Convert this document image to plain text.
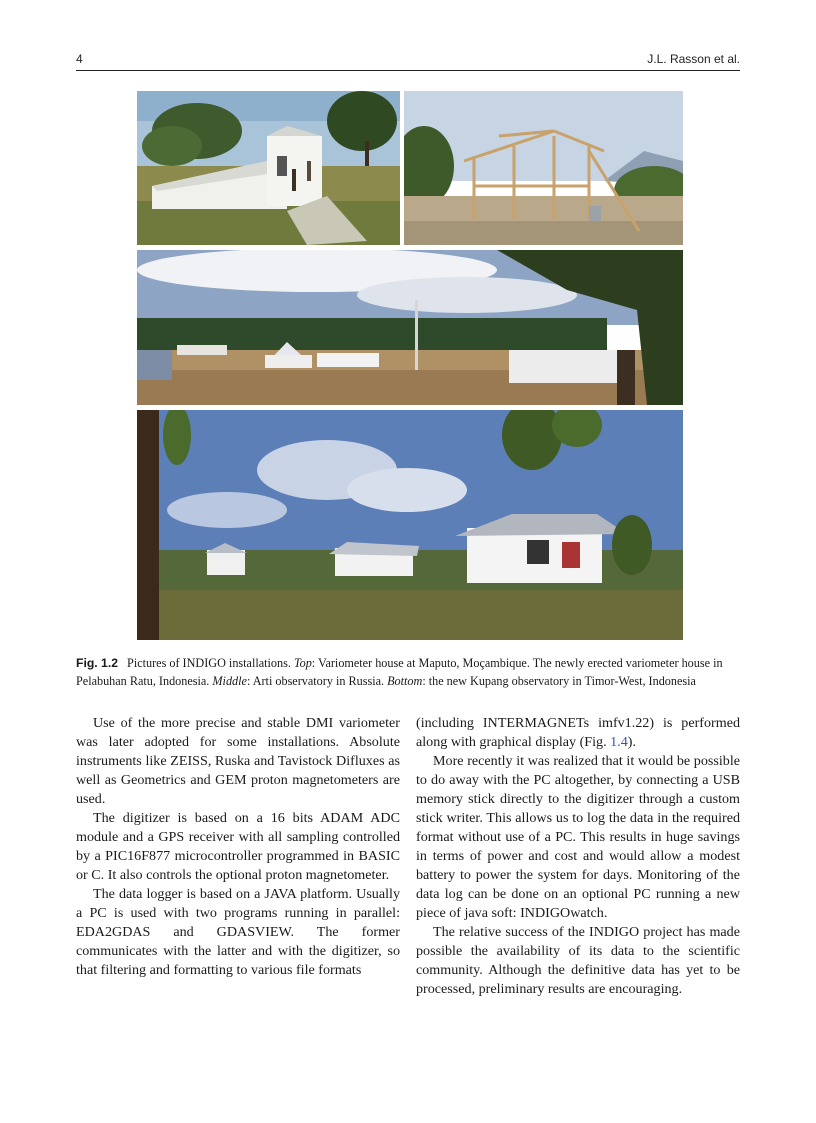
4	J.L. Rasson et al.
Fig. 1.2 Pictures of INDIGO installations. Top: Variometer house at Maputo, Moçambique. The newly erected variometer house in Pelabuhan Ratu, Indonesia. Middle: Arti observatory in Russia. Bottom: the new Kupang observatory in Timor-West, Indonesia

Use of the more precise and stable DMI variometer was later adopted for some installations. Absolute instruments like ZEISS, Ruska and Tavistock Difluxes as well as Geometrics and GEM proton magnetometers are used.

The digitizer is based on a 16 bits ADAM ADC module and a GPS receiver with all sampling controlled by a PIC16F877 microcontroller programmed in BASIC or C. It also controls the optional proton magnetometer.

The data logger is based on a JAVA platform. Usually a PC is used with two programs running in parallel: EDA2GDAS and GDASVIEW. The former communicates with the latter and with the digitizer, so that filtering and formatting to various file formats

(including INTERMAGNETs imfv1.22) is performed along with graphical display (Fig. 1.4).

More recently it was realized that it would be possible to do away with the PC altogether, by connecting a USB memory stick directly to the digitizer through a custom stick writer. This allows us to log the data in the required format without use of a PC. This results in huge savings in terms of power and cost and would allow a modest battery to power the system for days. Monitoring of the data log can be done on an optional PC running a new piece of java soft: INDIGOwatch.

The relative success of the INDIGO project has made possible the availability of its data to the scientific community. Although the definitive data has yet to be processed, preliminary results are encouraging.
